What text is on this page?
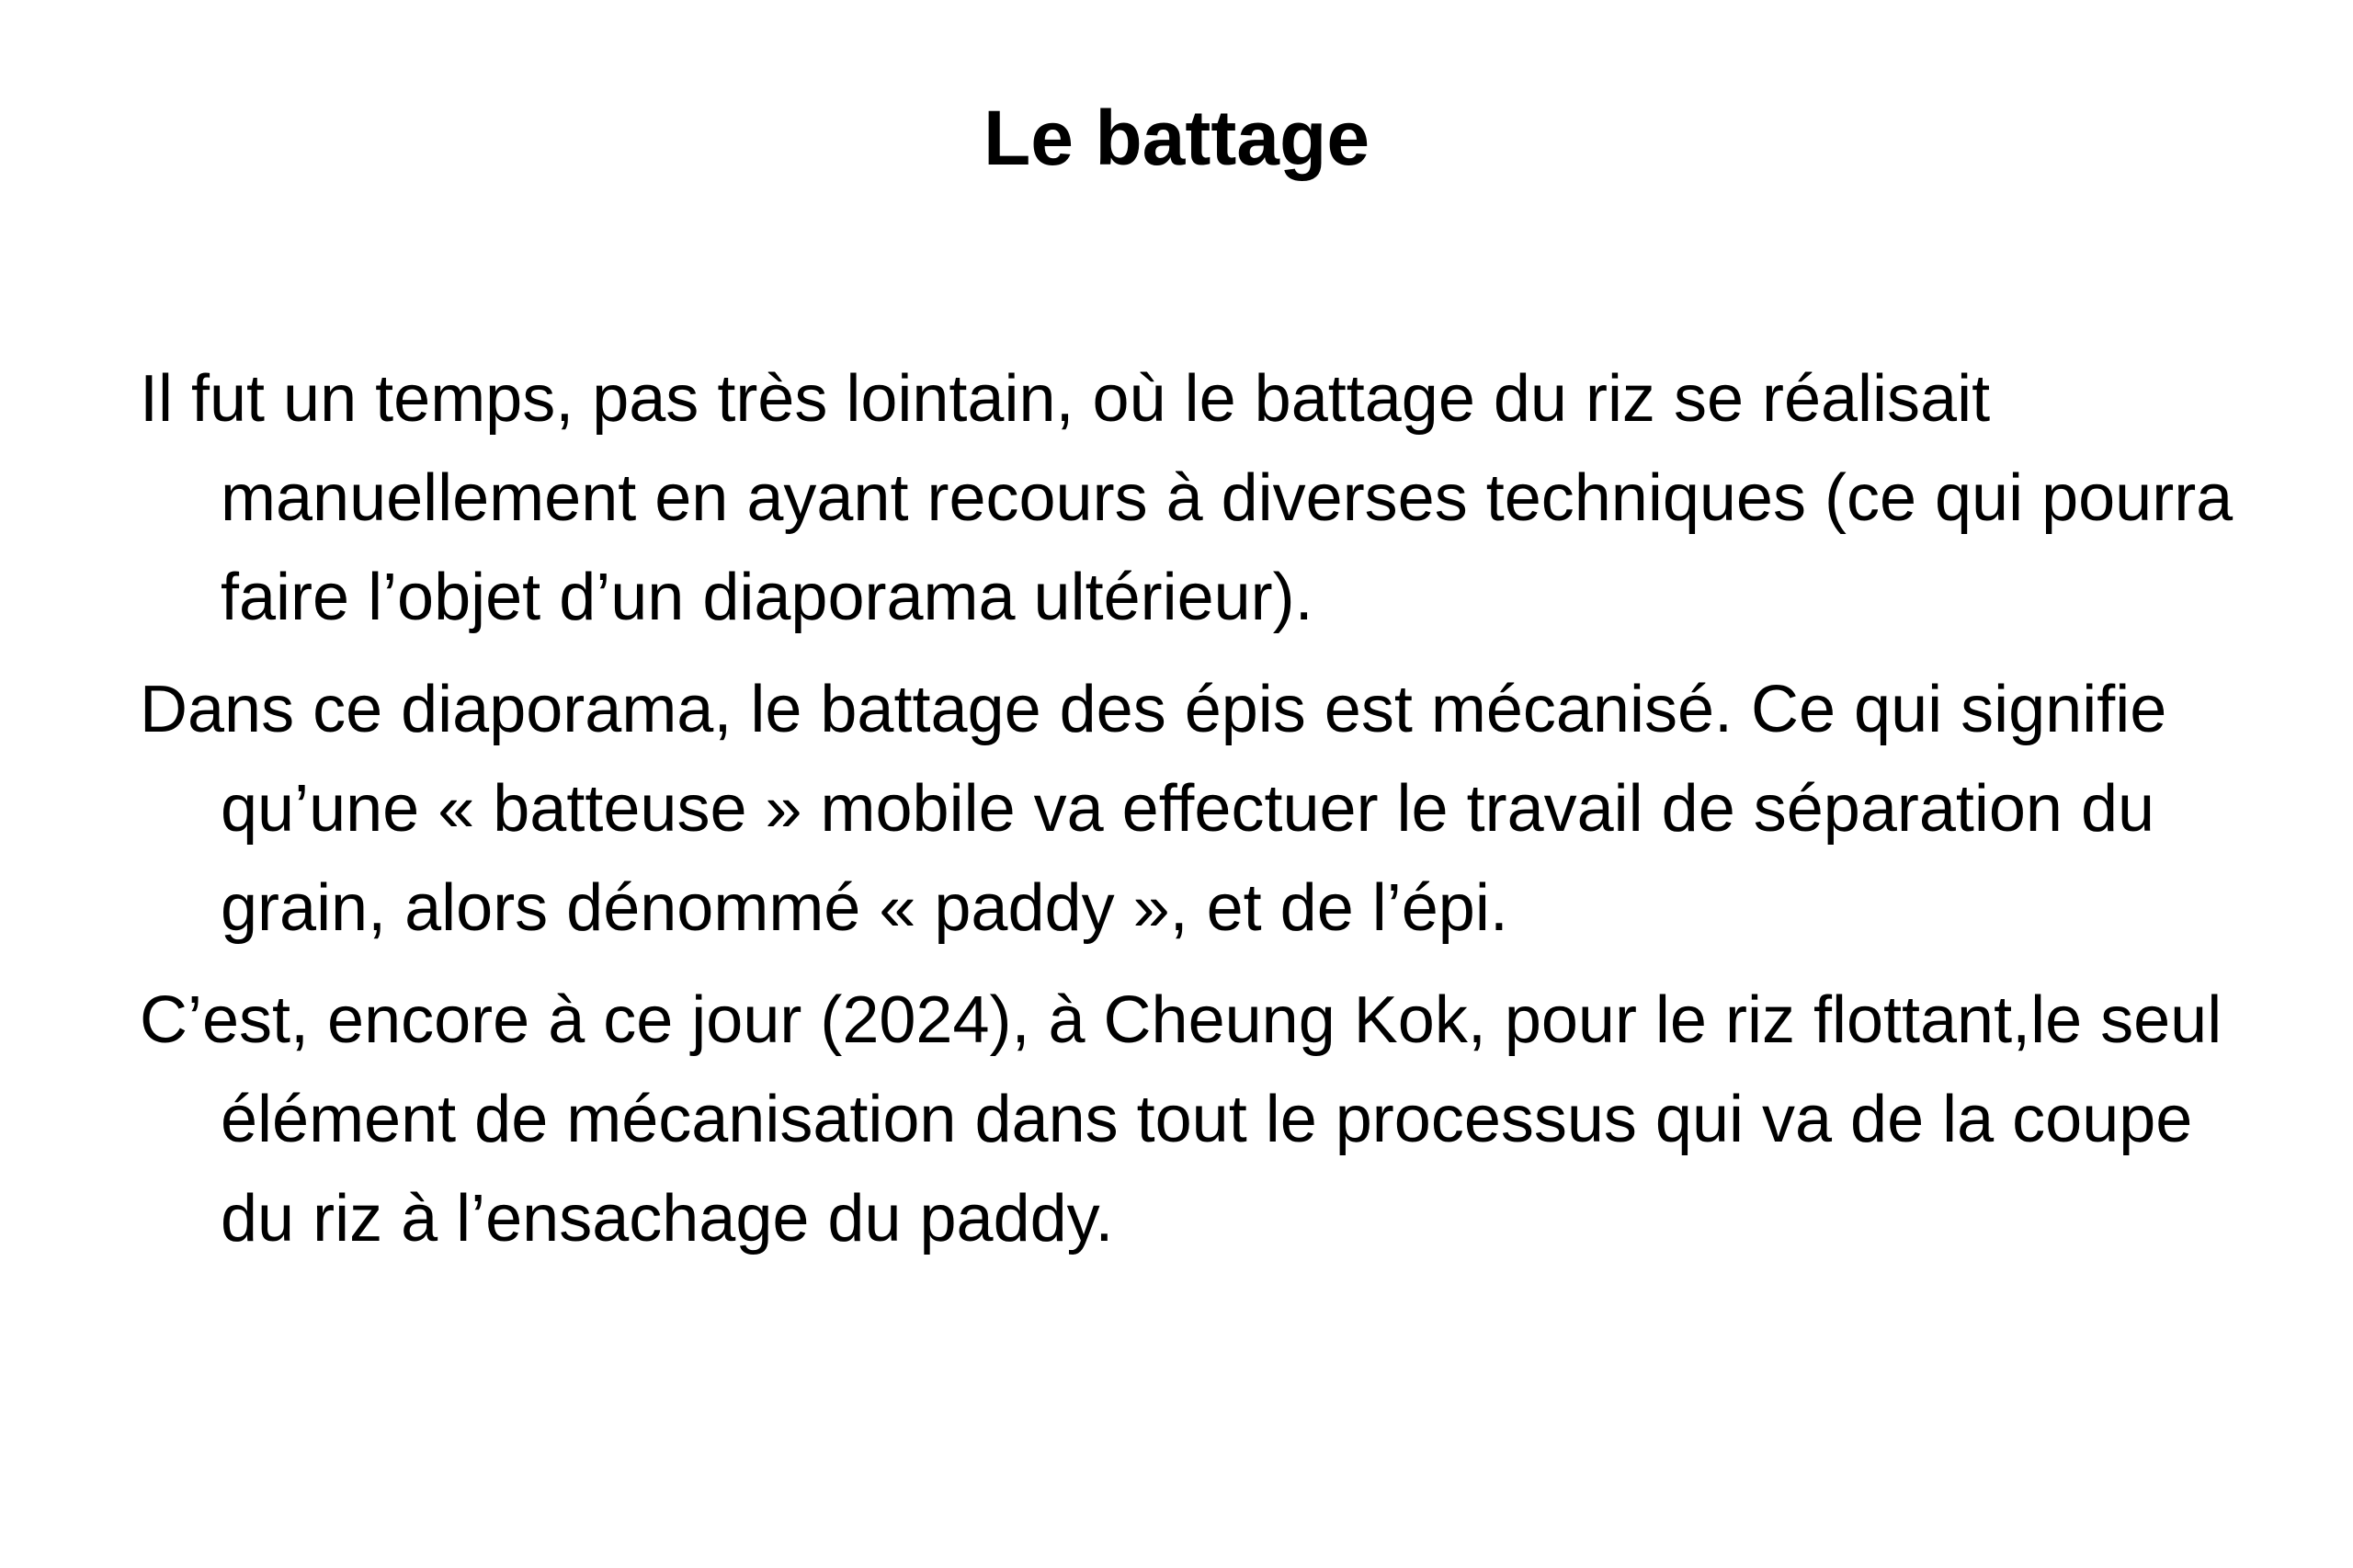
Le battage
Il fut un temps, pas très lointain, où le battage du riz se réalisait manuellement en ayant recours à diverses techniques (ce qui pourra faire l’objet d’un diaporama ultérieur).
Dans ce diaporama, le battage des épis est mécanisé. Ce qui signifie qu’une « batteuse » mobile va effectuer le travail de séparation du grain, alors dénommé « paddy », et de l’épi.
C’est, encore à ce jour (2024), à Cheung Kok, pour le riz flottant,le seul élément de mécanisation dans tout le processus qui va de la coupe du riz à l’ensachage du paddy.
